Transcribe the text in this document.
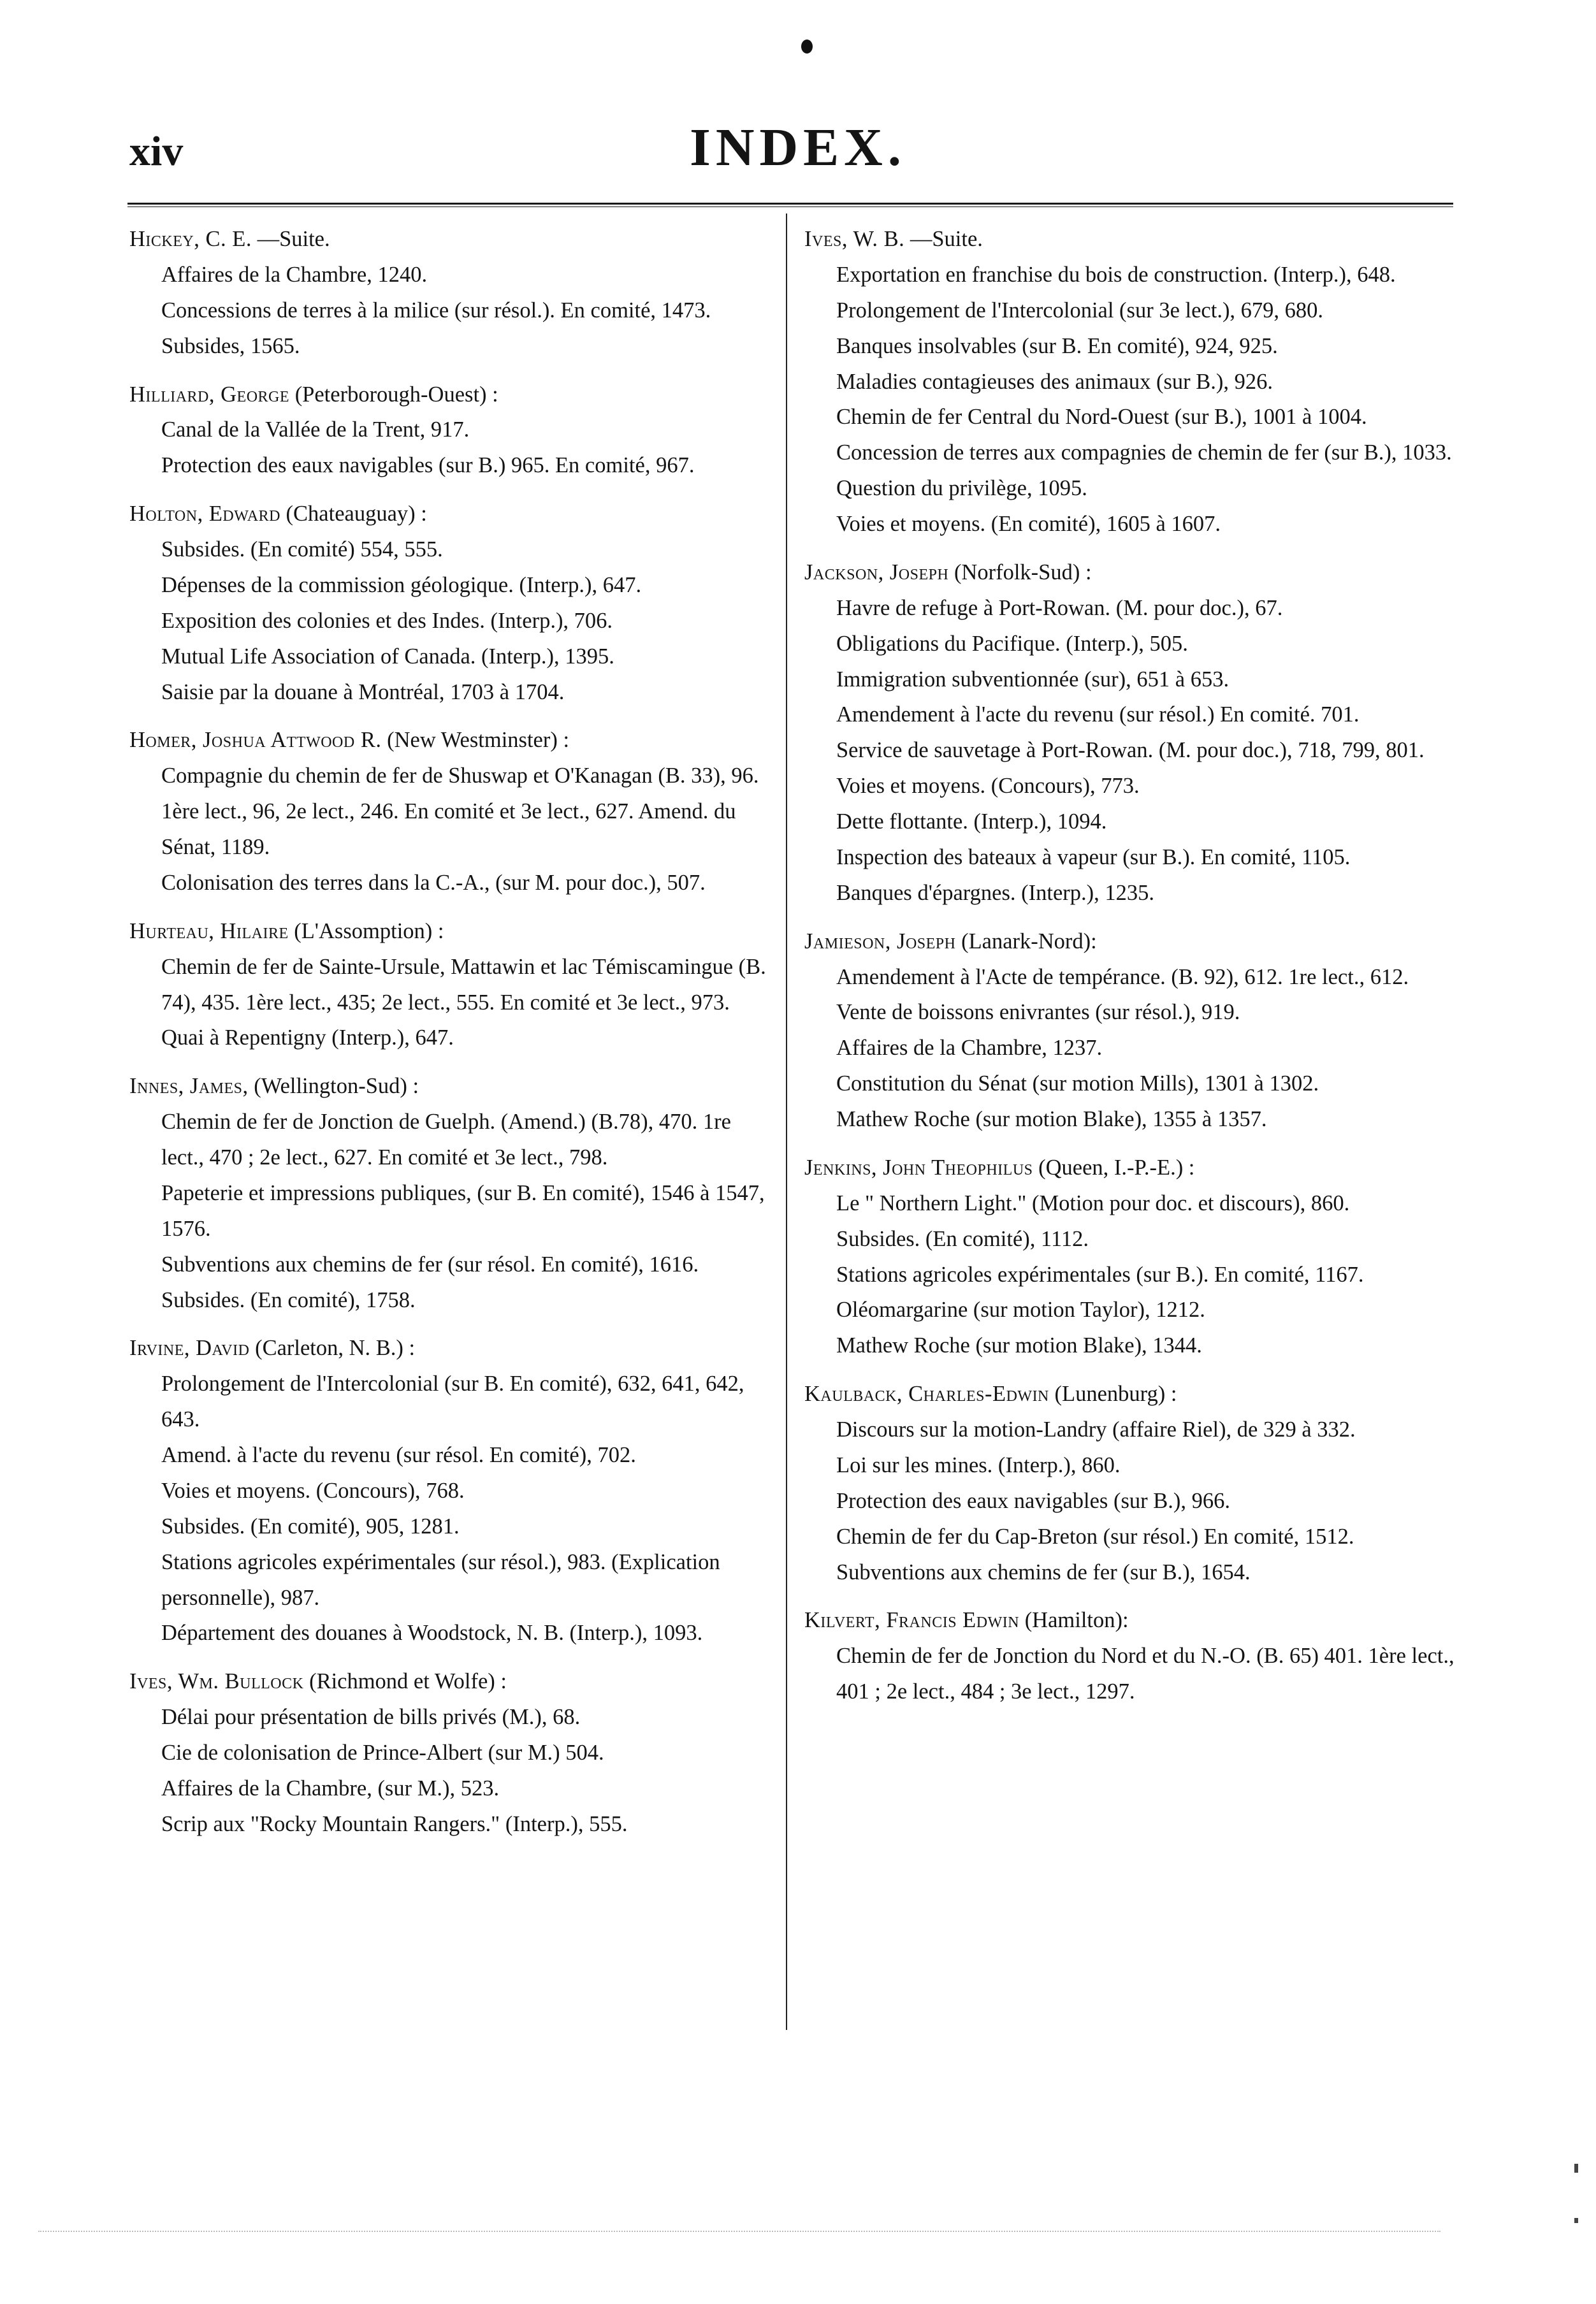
xiv	INDEX.
Hickey, C. E. —Suite.
Affaires de la Chambre, 1240.
Concessions de terres à la milice (sur résol.). En comité, 1473.
Subsides, 1565.
Hilliard, George (Peterborough-Ouest) :
Canal de la Vallée de la Trent, 917.
Protection des eaux navigables (sur B.) 965. En comité, 967.
Holton, Edward (Chateauguay) :
Subsides. (En comité) 554, 555.
Dépenses de la commission géologique. (Interp.), 647.
Exposition des colonies et des Indes. (Interp.), 706.
Mutual Life Association of Canada. (Interp.), 1395.
Saisie par la douane à Montréal, 1703 à 1704.
Homer, Joshua Attwood R. (New Westminster) :
Compagnie du chemin de fer de Shuswap et O'Kanagan (B. 33), 96. 1ère lect., 96, 2e lect., 246. En comité et 3e lect., 627. Amend. du Sénat, 1189.
Colonisation des terres dans la C.-A., (sur M. pour doc.), 507.
Hurteau, Hilaire (L'Assomption) :
Chemin de fer de Sainte-Ursule, Mattawin et lac Témiscamingue (B. 74), 435. 1ère lect., 435; 2e lect., 555. En comité et 3e lect., 973.
Quai à Repentigny (Interp.), 647.
Innes, James, (Wellington-Sud) :
Chemin de fer de Jonction de Guelph. (Amend.) (B.78), 470. 1re lect., 470 ; 2e lect., 627. En comité et 3e lect., 798.
Papeterie et impressions publiques, (sur B. En comité), 1546 à 1547, 1576.
Subventions aux chemins de fer (sur résol. En comité), 1616.
Subsides. (En comité), 1758.
Irvine, David (Carleton, N. B.) :
Prolongement de l'Intercolonial (sur B. En comité), 632, 641, 642, 643.
Amend. à l'acte du revenu (sur résol. En comité), 702.
Voies et moyens. (Concours), 768.
Subsides. (En comité), 905, 1281.
Stations agricoles expérimentales (sur résol.), 983. (Explication personnelle), 987.
Département des douanes à Woodstock, N. B. (Interp.), 1093.
Ives, Wm. Bullock (Richmond et Wolfe) :
Délai pour présentation de bills privés (M.), 68.
Cie de colonisation de Prince-Albert (sur M.) 504.
Affaires de la Chambre, (sur M.), 523.
Scrip aux "Rocky Mountain Rangers." (Interp.), 555.
Ives, W. B. —Suite.
Exportation en franchise du bois de construction. (Interp.), 648.
Prolongement de l'Intercolonial (sur 3e lect.), 679, 680.
Banques insolvables (sur B. En comité), 924, 925.
Maladies contagieuses des animaux (sur B.), 926.
Chemin de fer Central du Nord-Ouest (sur B.), 1001 à 1004.
Concession de terres aux compagnies de chemin de fer (sur B.), 1033.
Question du privilège, 1095.
Voies et moyens. (En comité), 1605 à 1607.
Jackson, Joseph (Norfolk-Sud) :
Havre de refuge à Port-Rowan. (M. pour doc.), 67.
Obligations du Pacifique. (Interp.), 505.
Immigration subventionnée (sur), 651 à 653.
Amendement à l'acte du revenu (sur résol.) En comité. 701.
Service de sauvetage à Port-Rowan. (M. pour doc.), 718, 799, 801.
Voies et moyens. (Concours), 773.
Dette flottante. (Interp.), 1094.
Inspection des bateaux à vapeur (sur B.). En comité, 1105.
Banques d'épargnes. (Interp.), 1235.
Jamieson, Joseph (Lanark-Nord):
Amendement à l'Acte de tempérance. (B. 92), 612. 1re lect., 612.
Vente de boissons enivrantes (sur résol.), 919.
Affaires de la Chambre, 1237.
Constitution du Sénat (sur motion Mills), 1301 à 1302.
Mathew Roche (sur motion Blake), 1355 à 1357.
Jenkins, John Theophilus (Queen, I.-P.-E.) :
Le " Northern Light." (Motion pour doc. et discours), 860.
Subsides. (En comité), 1112.
Stations agricoles expérimentales (sur B.). En comité, 1167.
Oléomargarine (sur motion Taylor), 1212.
Mathew Roche (sur motion Blake), 1344.
Kaulback, Charles-Edwin (Lunenburg) :
Discours sur la motion-Landry (affaire Riel), de 329 à 332.
Loi sur les mines. (Interp.), 860.
Protection des eaux navigables (sur B.), 966.
Chemin de fer du Cap-Breton (sur résol.) En comité, 1512.
Subventions aux chemins de fer (sur B.), 1654.
Kilvert, Francis Edwin (Hamilton):
Chemin de fer de Jonction du Nord et du N.-O. (B. 65) 401. 1ère lect., 401 ; 2e lect., 484 ; 3e lect., 1297.
